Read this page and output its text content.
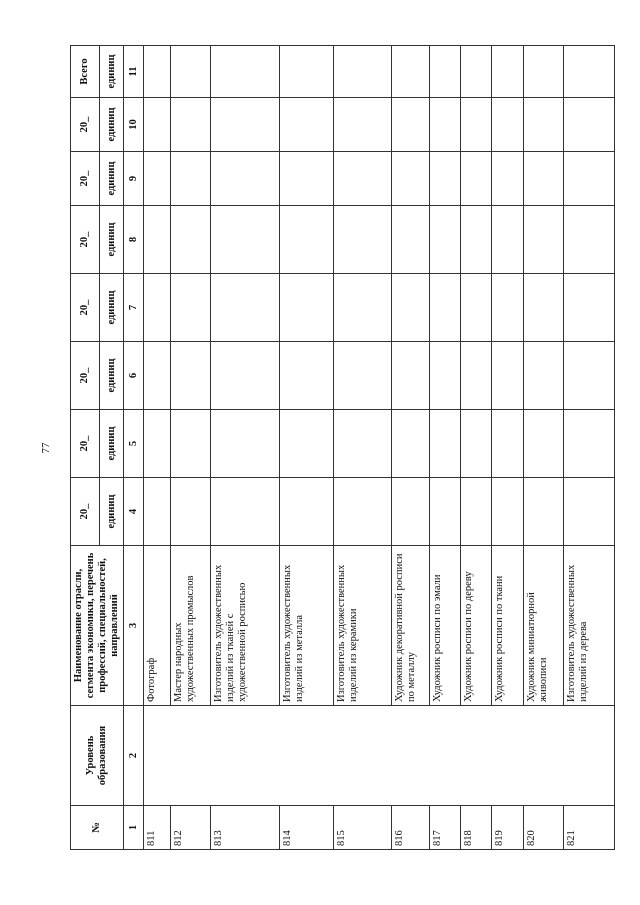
77
№	Уровень образования	Наименование отрасли, сегмента экономики, перечень профессий, специальностей, направлений	20_	20_	20_	20_	20_	20_	20_	Всего
			единиц	единиц	единиц	единиц	единиц	единиц	единиц	единиц
1	2	3	4	5	6	7	8	9	10	11
811		Фотограф								
812		Мастер народных художественных промыслов								
813		Изготовитель художественных изделий из тканей с художественной росписью								
814		Изготовитель художественных изделий из металла								
815		Изготовитель художественных изделий из керамики								
816		Художник декоративной росписи по металлу								
817		Художник росписи по эмали								
818		Художник росписи по дереву								
819		Художник росписи по ткани								
820		Художник миниатюрной живописи								
821		Изготовитель художественных изделий из дерева								
